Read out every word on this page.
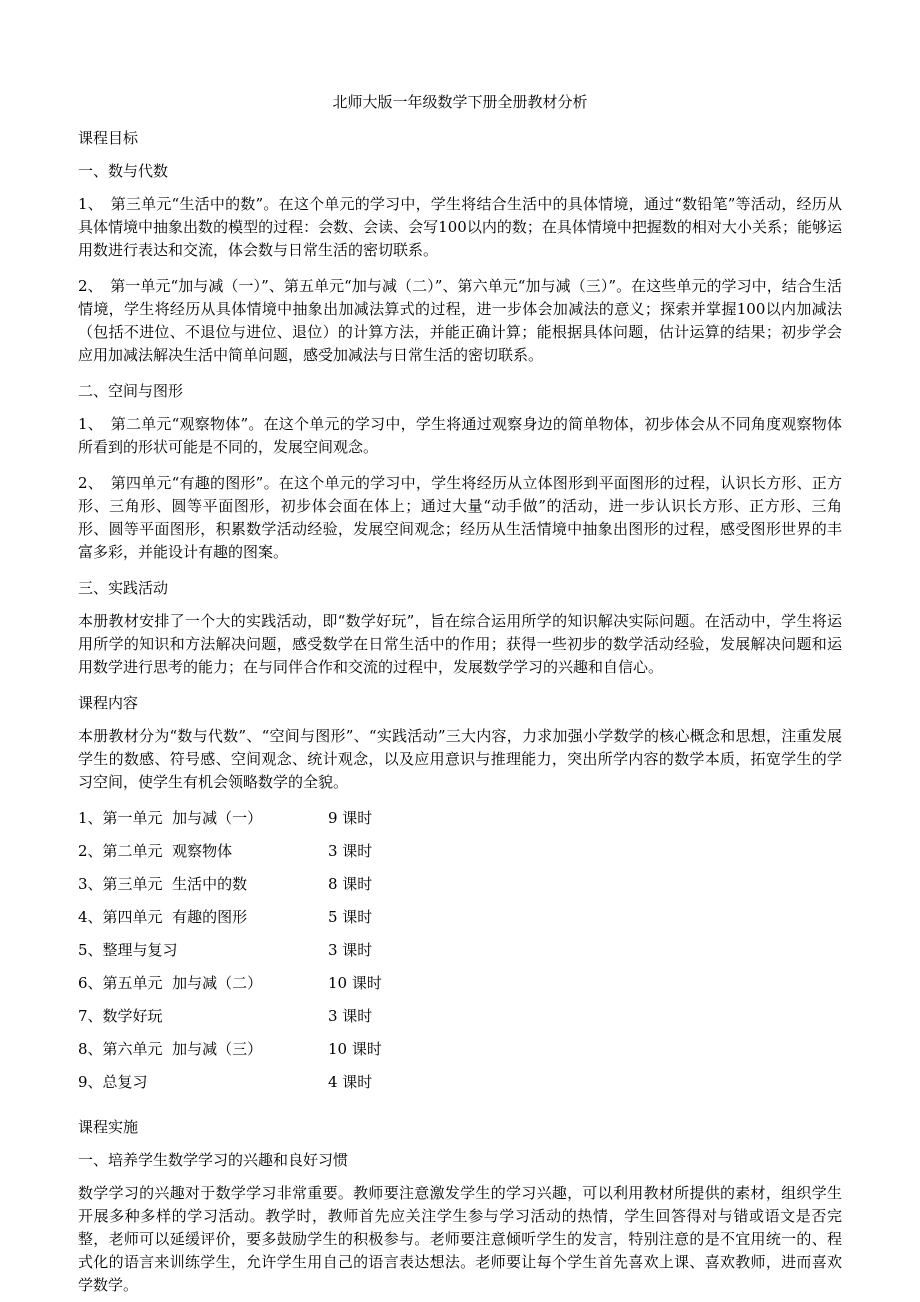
北师大版一年级数学下册全册教材分析

课程目标

一、数与代数

1、　第三单元“生活中的数”。在这个单元的学习中，学生将结合生活中的具体情境，通过“数铅笔”等活动，经历从具体情境中抽象出数的模型的过程：会数、会读、会写100以内的数；在具体情境中把握数的相对大小关系；能够运用数进行表达和交流，体会数与日常生活的密切联系。

2、　第一单元“加与减（一）”、第五单元“加与减（二）”、第六单元“加与减（三）”。在这些单元的学习中，结合生活情境，学生将经历从具体情境中抽象出加减法算式的过程，进一步体会加减法的意义；探索并掌握100以内加减法（包括不进位、不退位与进位、退位）的计算方法，并能正确计算；能根据具体问题，估计运算的结果；初步学会应用加减法解决生活中简单问题，感受加减法与日常生活的密切联系。

二、空间与图形

1、　第二单元“观察物体”。在这个单元的学习中，学生将通过观察身边的简单物体，初步体会从不同角度观察物体所看到的形状可能是不同的，发展空间观念。

2、　第四单元“有趣的图形”。在这个单元的学习中，学生将经历从立体图形到平面图形的过程，认识长方形、正方形、三角形、圆等平面图形，初步体会面在体上；通过大量“动手做”的活动，进一步认识长方形、正方形、三角形、圆等平面图形，积累数学活动经验，发展空间观念；经历从生活情境中抽象出图形的过程，感受图形世界的丰富多彩，并能设计有趣的图案。

三、实践活动

本册教材安排了一个大的实践活动，即“数学好玩”，旨在综合运用所学的知识解决实际问题。在活动中，学生将运用所学的知识和方法解决问题，感受数学在日常生活中的作用；获得一些初步的数学活动经验，发展解决问题和运用数学进行思考的能力；在与同伴合作和交流的过程中，发展数学学习的兴趣和自信心。

课程内容

本册教材分为“数与代数”、“空间与图形”、“实践活动”三大内容，力求加强小学数学的核心概念和思想，注重发展学生的数感、符号感、空间观念、统计观念，以及应用意识与推理能力，突出所学内容的数学本质，拓宽学生的学习空间，使学生有机会领略数学的全貌。

1、第一单元  加与减（一）	9 课时
2、第二单元  观察物体	3 课时
3、第三单元  生活中的数	8 课时
4、第四单元  有趣的图形	5 课时
5、整理与复习	3 课时
6、第五单元  加与减（二）	10 课时
7、数学好玩	3 课时
8、第六单元  加与减（三）	10 课时
9、总复习	4 课时

课程实施

一、培养学生数学学习的兴趣和良好习惯

数学学习的兴趣对于数学学习非常重要。教师要注意激发学生的学习兴趣，可以利用教材所提供的素材，组织学生开展多种多样的学习活动。教学时，教师首先应关注学生参与学习活动的热情，学生回答得对与错或语文是否完整，老师可以延缓评价，要多鼓励学生的积极参与。老师要注意倾听学生的发言，特别注意的是不宜用统一的、程式化的语言来训练学生，允许学生用自己的语言表达想法。老师要让每个学生首先喜欢上课、喜欢教师，进而喜欢学数学。
